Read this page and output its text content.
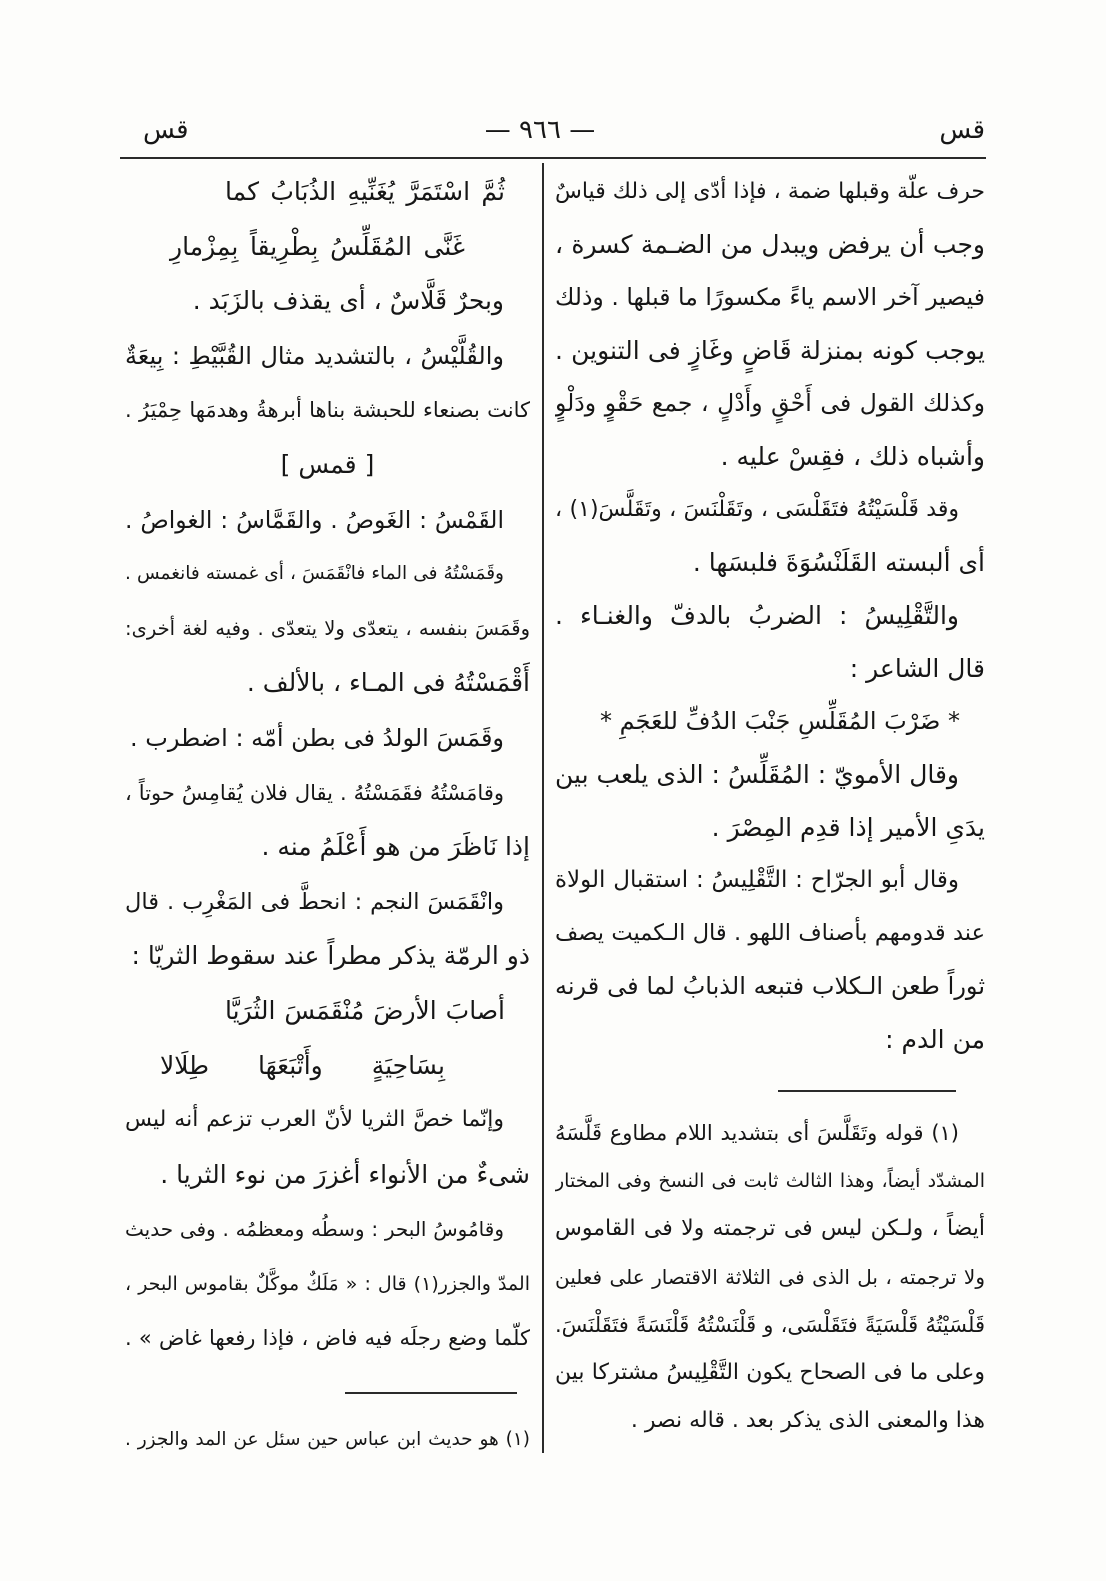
قس
— ٩٦٦ —
قس
حرف علّة وقبلها ضمة ، فإذا أدّى إلى ذلك قياسٌ
وجب أن يرفض ويبدل من الضـمة كسرة ،
فيصير آخر الاسم ياءً مكسورًا ما قبلها . وذلك
يوجب كونه بمنزلة قَاضٍ وغَازٍ فى التنوين .
وكذلك القول فى أَحْقٍ وأَدْلٍ ، جمع حَقْوٍ ودَلْوٍ
وأشباه ذلك ، فقِسْ عليه .
وقد قَلْسَيْتُهُ فتَقَلْسَى ، وتَقَلْنَسَ ، وتَقَلَّسَ(١) ،
أى ألبسته القَلَنْسُوَةَ فلبسَها .
والتَّقْلِيسُ : الضربُ بالدفّ والغنـاء .
قال الشاعر :
* ضَرْبَ المُقَلِّسِ جَنْبَ الدُفِّ للعَجَمِ *
وقال الأمويّ : المُقَلِّسُ : الذى يلعب بين
يدَىِ الأمير إذا قدِم المِصْرَ .
وقال أبو الجرّاح : التَّقْلِيسُ : استقبال الولاة
عند قدومهم بأصناف اللهو . قال الـكميت يصف
ثوراً طعن الـكلاب فتبعه الذبابُ لما فى قرنه
من الدم :
(١) قوله وتَقَلَّسَ أى بتشديد اللام مطاوع قَلَّسَهُ
المشدّد أيضاً، وهذا الثالث ثابت فى النسخ وفى المختار
أيضاً ، ولـكن ليس فى ترجمته ولا فى القاموس
ولا ترجمته ، بل الذى فى الثلاثة الاقتصار على فعلين
قَلْسَيْتُهُ قَلْسَيَةً فتَقَلْسَى، و قَلْنَسْتُهُ قَلْنَسَةً فتَقَلْنَسَ.
وعلى ما فى الصحاح يكون التَّقْلِيسُ مشتركا بين
هذا والمعنى الذى يذكر بعد . قاله نصر .
ثُمَّ اسْتَمَرَّ يُغَنِّيهِ الذُبَابُ كما
غَنَّى المُقَلِّسُ بِطْرِيقاً بِمِزْمارِ
وبحرٌ قَلَّاسٌ ، أى يقذف بالزَبَد .
والقُلَّيْسُ ، بالتشديد مثال القُبَّيْطِ : بِيعَةٌ
كانت بصنعاء للحبشة بناها أبرهةُ وهدمَها حِمْيَرُ .
[ قمس ]
القَمْسُ : الغَوصُ . والقَمَّاسُ : الغواصُ .
وقَمَسْتُهُ فى الماء فانْقَمَسَ ، أى غمسته فانغمس .
وقَمَسَ بنفسه ، يتعدّى ولا يتعدّى . وفيه لغة أخرى:
أَقْمَسْتُهُ فى المـاء ، بالألف .
وقَمَسَ الولدُ فى بطن أمّه : اضطرب .
وقامَسْتُهُ فقَمَسْتُهُ . يقال فلان يُقامِسُ حوتاً ،
إذا نَاظَرَ من هو أَعْلَمُ منه .
وانْقَمَسَ النجم : انحطَّ فى المَغْرِب . قال
ذو الرمّة يذكر مطراً عند سقوط الثريّا :
أصابَ الأرضَ مُنْقَمَسَ الثُرَيَّا
بِسَاحِيَةٍ وأَتْبَعَهَا طِلَالا
وإنّما خصَّ الثريا لأنّ العرب تزعم أنه ليس
شىءٌ من الأنواء أغزرَ من نوء الثريا .
وقامُوسُ البحر : وسطُه ومعظمُه . وفى حديث
المدّ والجزر(١) قال : « مَلَكٌ موكَّلٌ بقاموس البحر ،
كلّما وضع رجلَه فيه فاض ، فإذا رفعها غاض » .
(١) هو حديث ابن عباس حين سئل عن المد والجزر .
